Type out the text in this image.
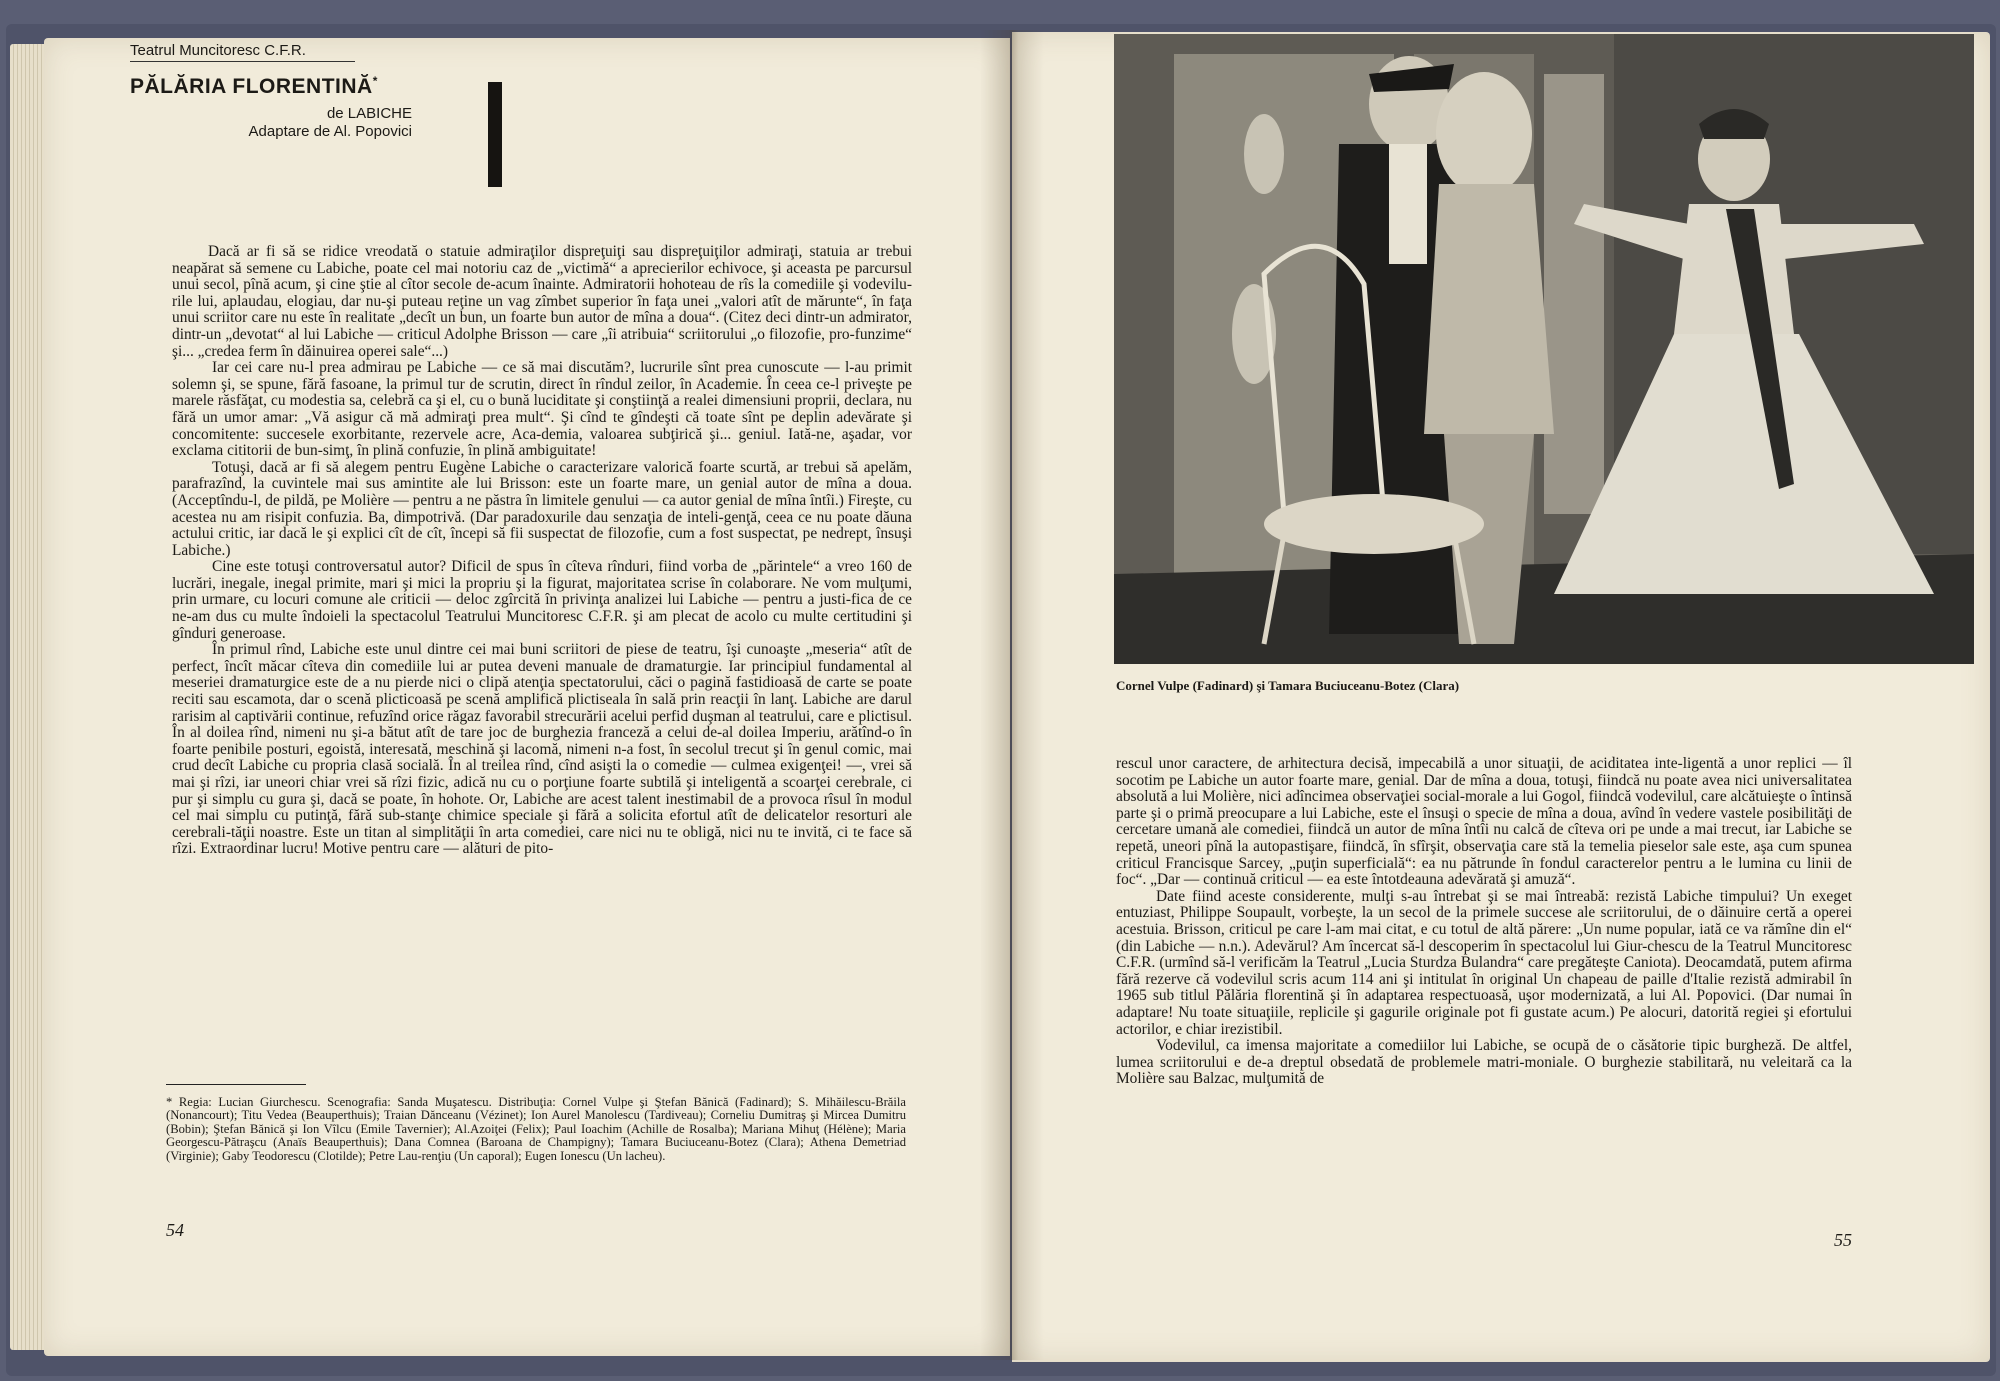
Teatrul Muncitoresc C.F.R.
PĂLĂRIA FLORENTINĂ*
de LABICHE
Adaptare de Al. Popovici

Dacă ar fi să se ridice vreodată o statuie admiraţilor dispreţuiţi sau dispreţuiţilor admiraţi, statuia ar trebui neapărat să semene cu Labiche, poate cel mai notoriu caz de „victimă“ a aprecierilor echivoce, şi aceasta pe parcursul unui secol, pînă acum, şi cine ştie al cîtor secole de-acum înainte. Admiratorii hohoteau de rîs la comediile şi vodevilu-rile lui, aplaudau, elogiau, dar nu-şi puteau reţine un vag zîmbet superior în faţa unei „valori atît de mărunte“, în faţa unui scriitor care nu este în realitate „decît un bun, un foarte bun autor de mîna a doua“. (Citez deci dintr-un admirator, dintr-un „devotat“ al lui Labiche — criticul Adolphe Brisson — care „îi atribuia“ scriitorului „o filozofie, pro-funzime“ şi... „credea ferm în dăinuirea operei sale“...)

Iar cei care nu-l prea admirau pe Labiche — ce să mai discutăm?, lucrurile sînt prea cunoscute — l-au primit solemn şi, se spune, fără fasoane, la primul tur de scrutin, direct în rîndul zeilor, în Academie. În ceea ce-l priveşte pe marele răsfăţat, cu modestia sa, celebră ca şi el, cu o bună luciditate şi conştiinţă a realei dimensiuni proprii, declara, nu fără un umor amar: „Vă asigur că mă admiraţi prea mult“. Şi cînd te gîndeşti că toate sînt pe deplin adevărate şi concomitente: succesele exorbitante, rezervele acre, Aca-demia, valoarea subţirică şi... geniul. Iată-ne, aşadar, vor exclama cititorii de bun-simţ, în plină confuzie, în plină ambiguitate!

Totuşi, dacă ar fi să alegem pentru Eugène Labiche o caracterizare valorică foarte scurtă, ar trebui să apelăm, parafrazînd, la cuvintele mai sus amintite ale lui Brisson: este un foarte mare, un genial autor de mîna a doua. (Acceptîndu-l, de pildă, pe Molière — pentru a ne păstra în limitele genului — ca autor genial de mîna întîi.) Fireşte, cu acestea nu am risipit confuzia. Ba, dimpotrivă. (Dar paradoxurile dau senzaţia de inteli-genţă, ceea ce nu poate dăuna actului critic, iar dacă le şi explici cît de cît, începi să fii suspectat de filozofie, cum a fost suspectat, pe nedrept, însuşi Labiche.)

Cine este totuşi controversatul autor? Dificil de spus în cîteva rînduri, fiind vorba de „părintele“ a vreo 160 de lucrări, inegale, inegal primite, mari şi mici la propriu şi la figurat, majoritatea scrise în colaborare. Ne vom mulţumi, prin urmare, cu locuri comune ale criticii — deloc zgîrcită în privinţa analizei lui Labiche — pentru a justi-fica de ce ne-am dus cu multe îndoieli la spectacolul Teatrului Muncitoresc C.F.R. şi am plecat de acolo cu multe certitudini şi gînduri generoase.

În primul rînd, Labiche este unul dintre cei mai buni scriitori de piese de teatru, îşi cunoaşte „meseria“ atît de perfect, încît măcar cîteva din comediile lui ar putea deveni manuale de dramaturgie. Iar principiul fundamental al meseriei dramaturgice este de a nu pierde nici o clipă atenţia spectatorului, căci o pagină fastidioasă de carte se poate reciti sau escamota, dar o scenă plicticoasă pe scenă amplifică plictiseala în sală prin reacţii în lanţ. Labiche are darul rarisim al captivării continue, refuzînd orice răgaz favorabil strecurării acelui perfid duşman al teatrului, care e plictisul. În al doilea rînd, nimeni nu şi-a bătut atît de tare joc de burghezia franceză a celui de-al doilea Imperiu, arătînd-o în foarte penibile posturi, egoistă, interesată, meschină şi lacomă, nimeni n-a fost, în secolul trecut şi în genul comic, mai crud decît Labiche cu propria clasă socială. În al treilea rînd, cînd asişti la o comedie — culmea exigenţei! —, vrei să mai şi rîzi, iar uneori chiar vrei să rîzi fizic, adică nu cu o porţiune foarte subtilă şi inteligentă a scoarţei cerebrale, ci pur şi simplu cu gura şi, dacă se poate, în hohote. Or, Labiche are acest talent inestimabil de a provoca rîsul în modul cel mai simplu cu putinţă, fără sub-stanţe chimice speciale şi fără a solicita efortul atît de delicatelor resorturi ale cerebrali-tăţii noastre. Este un titan al simplităţii în arta comediei, care nici nu te obligă, nici nu te invită, ci te face să rîzi. Extraordinar lucru! Motive pentru care — alături de pito-

* Regia: Lucian Giurchescu. Scenografia: Sanda Muşatescu. Distribuţia: Cornel Vulpe şi Ştefan Bănică (Fadinard); S. Mihăilescu-Brăila (Nonancourt); Titu Vedea (Beauperthuis); Traian Dănceanu (Vézinet); Ion Aurel Manolescu (Tardiveau); Corneliu Dumitraş şi Mircea Dumitru (Bobin); Ştefan Bănică şi Ion Vîlcu (Emile Tavernier); Al.Azoiţei (Felix); Paul Ioachim (Achille de Rosalba); Mariana Mihuţ (Hélène); Maria Georgescu-Pătraşcu (Anaïs Beauperthuis); Dana Comnea (Baroana de Champigny); Tamara Buciuceanu-Botez (Clara); Athena Demetriad (Virginie); Gaby Teodorescu (Clotilde); Petre Lau-renţiu (Un caporal); Eugen Ionescu (Un lacheu).
54
Cornel Vulpe (Fadinard) şi Tamara Buciuceanu-Botez (Clara)

rescul unor caractere, de arhitectura decisă, impecabilă a unor situaţii, de aciditatea inte-ligentă a unor replici — îl socotim pe Labiche un autor foarte mare, genial. Dar de mîna a doua, totuşi, fiindcă nu poate avea nici universalitatea absolută a lui Molière, nici adîncimea observaţiei social-morale a lui Gogol, fiindcă vodevilul, care alcătuieşte o întinsă parte şi o primă preocupare a lui Labiche, este el însuşi o specie de mîna a doua, avînd în vedere vastele posibilităţi de cercetare umană ale comediei, fiindcă un autor de mîna întîi nu calcă de cîteva ori pe unde a mai trecut, iar Labiche se repetă, uneori pînă la autopastişare, fiindcă, în sfîrşit, observaţia care stă la temelia pieselor sale este, aşa cum spunea criticul Francisque Sarcey, „puţin superficială“: ea nu pătrunde în fondul caracterelor pentru a le lumina cu linii de foc“. „Dar — continuă criticul — ea este întotdeauna adevărată şi amuză“.

Date fiind aceste considerente, mulţi s-au întrebat şi se mai întreabă: rezistă Labiche timpului? Un exeget entuziast, Philippe Soupault, vorbeşte, la un secol de la primele succese ale scriitorului, de o dăinuire certă a operei acestuia. Brisson, criticul pe care l-am mai citat, e cu totul de altă părere: „Un nume popular, iată ce va rămîne din el“ (din Labiche — n.n.). Adevărul? Am încercat să-l descoperim în spectacolul lui Giur-chescu de la Teatrul Muncitoresc C.F.R. (urmînd să-l verificăm la Teatrul „Lucia Sturdza Bulandra“ care pregăteşte Caniota). Deocamdată, putem afirma fără rezerve că vodevilul scris acum 114 ani şi intitulat în original Un chapeau de paille d'Italie rezistă admirabil în 1965 sub titlul Pălăria florentină şi în adaptarea respectuoasă, uşor modernizată, a lui Al. Popovici. (Dar numai în adaptare! Nu toate situaţiile, replicile şi gagurile originale pot fi gustate acum.) Pe alocuri, datorită regiei şi efortului actorilor, e chiar irezistibil.

Vodevilul, ca imensa majoritate a comediilor lui Labiche, se ocupă de o căsătorie tipic burgheză. De altfel, lumea scriitorului e de-a dreptul obsedată de problemele matri-moniale. O burghezie stabilitară, nu veleitară ca la Molière sau Balzac, mulţumită de

55
